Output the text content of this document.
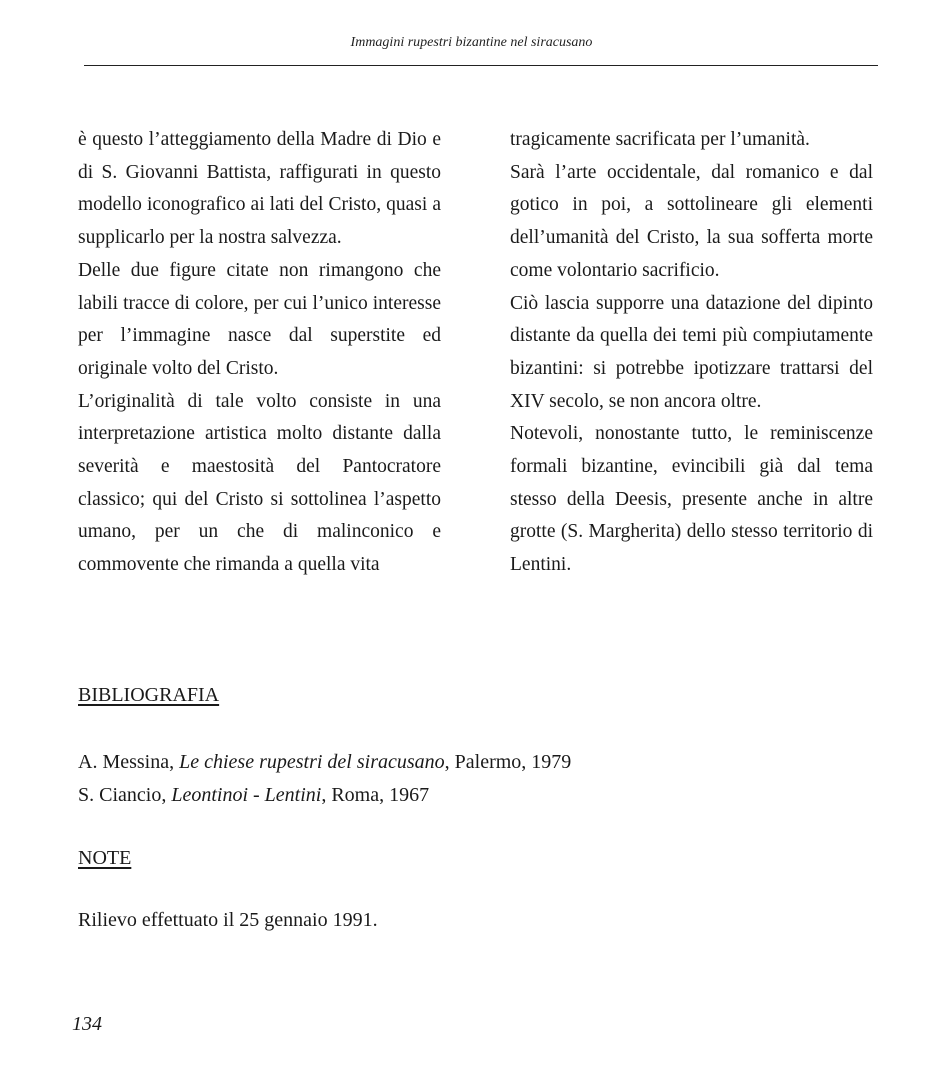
Immagini rupestri bizantine nel siracusano

è questo l’atteggiamento della Madre di Dio e di S. Giovanni Battista, raffigurati in questo modello iconografico ai lati del Cristo, quasi a supplicarlo per la nostra salvezza.

Delle due figure citate non rimangono che labili tracce di colore, per cui l’unico interesse per l’immagine nasce dal superstite ed originale volto del Cristo.

L’originalità di tale volto consiste in una interpretazione artistica molto distante dalla severità e maestosità del Pantocratore classico; qui del Cristo si sottolinea l’aspetto umano, per un che di malinconico e commovente che rimanda a quella vita

tragicamente sacrificata per l’umanità.

Sarà l’arte occidentale, dal romanico e dal gotico in poi, a sottolineare gli elementi dell’umanità del Cristo, la sua sofferta morte come volontario sacrificio.

Ciò lascia supporre una datazione del dipinto distante da quella dei temi più compiutamente bizantini: si potrebbe ipotizzare trattarsi del XIV secolo, se non ancora oltre.

Notevoli, nonostante tutto, le reminiscenze formali bizantine, evincibili già dal tema stesso della Deesis, presente anche in altre grotte (S. Margherita) dello stesso territorio di Lentini.

BIBLIOGRAFIA
A. Messina, Le chiese rupestri del siracusano, Palermo, 1979
S. Ciancio, Leontinoi - Lentini, Roma, 1967
NOTE

Rilievo effettuato il 25 gennaio 1991.

134
